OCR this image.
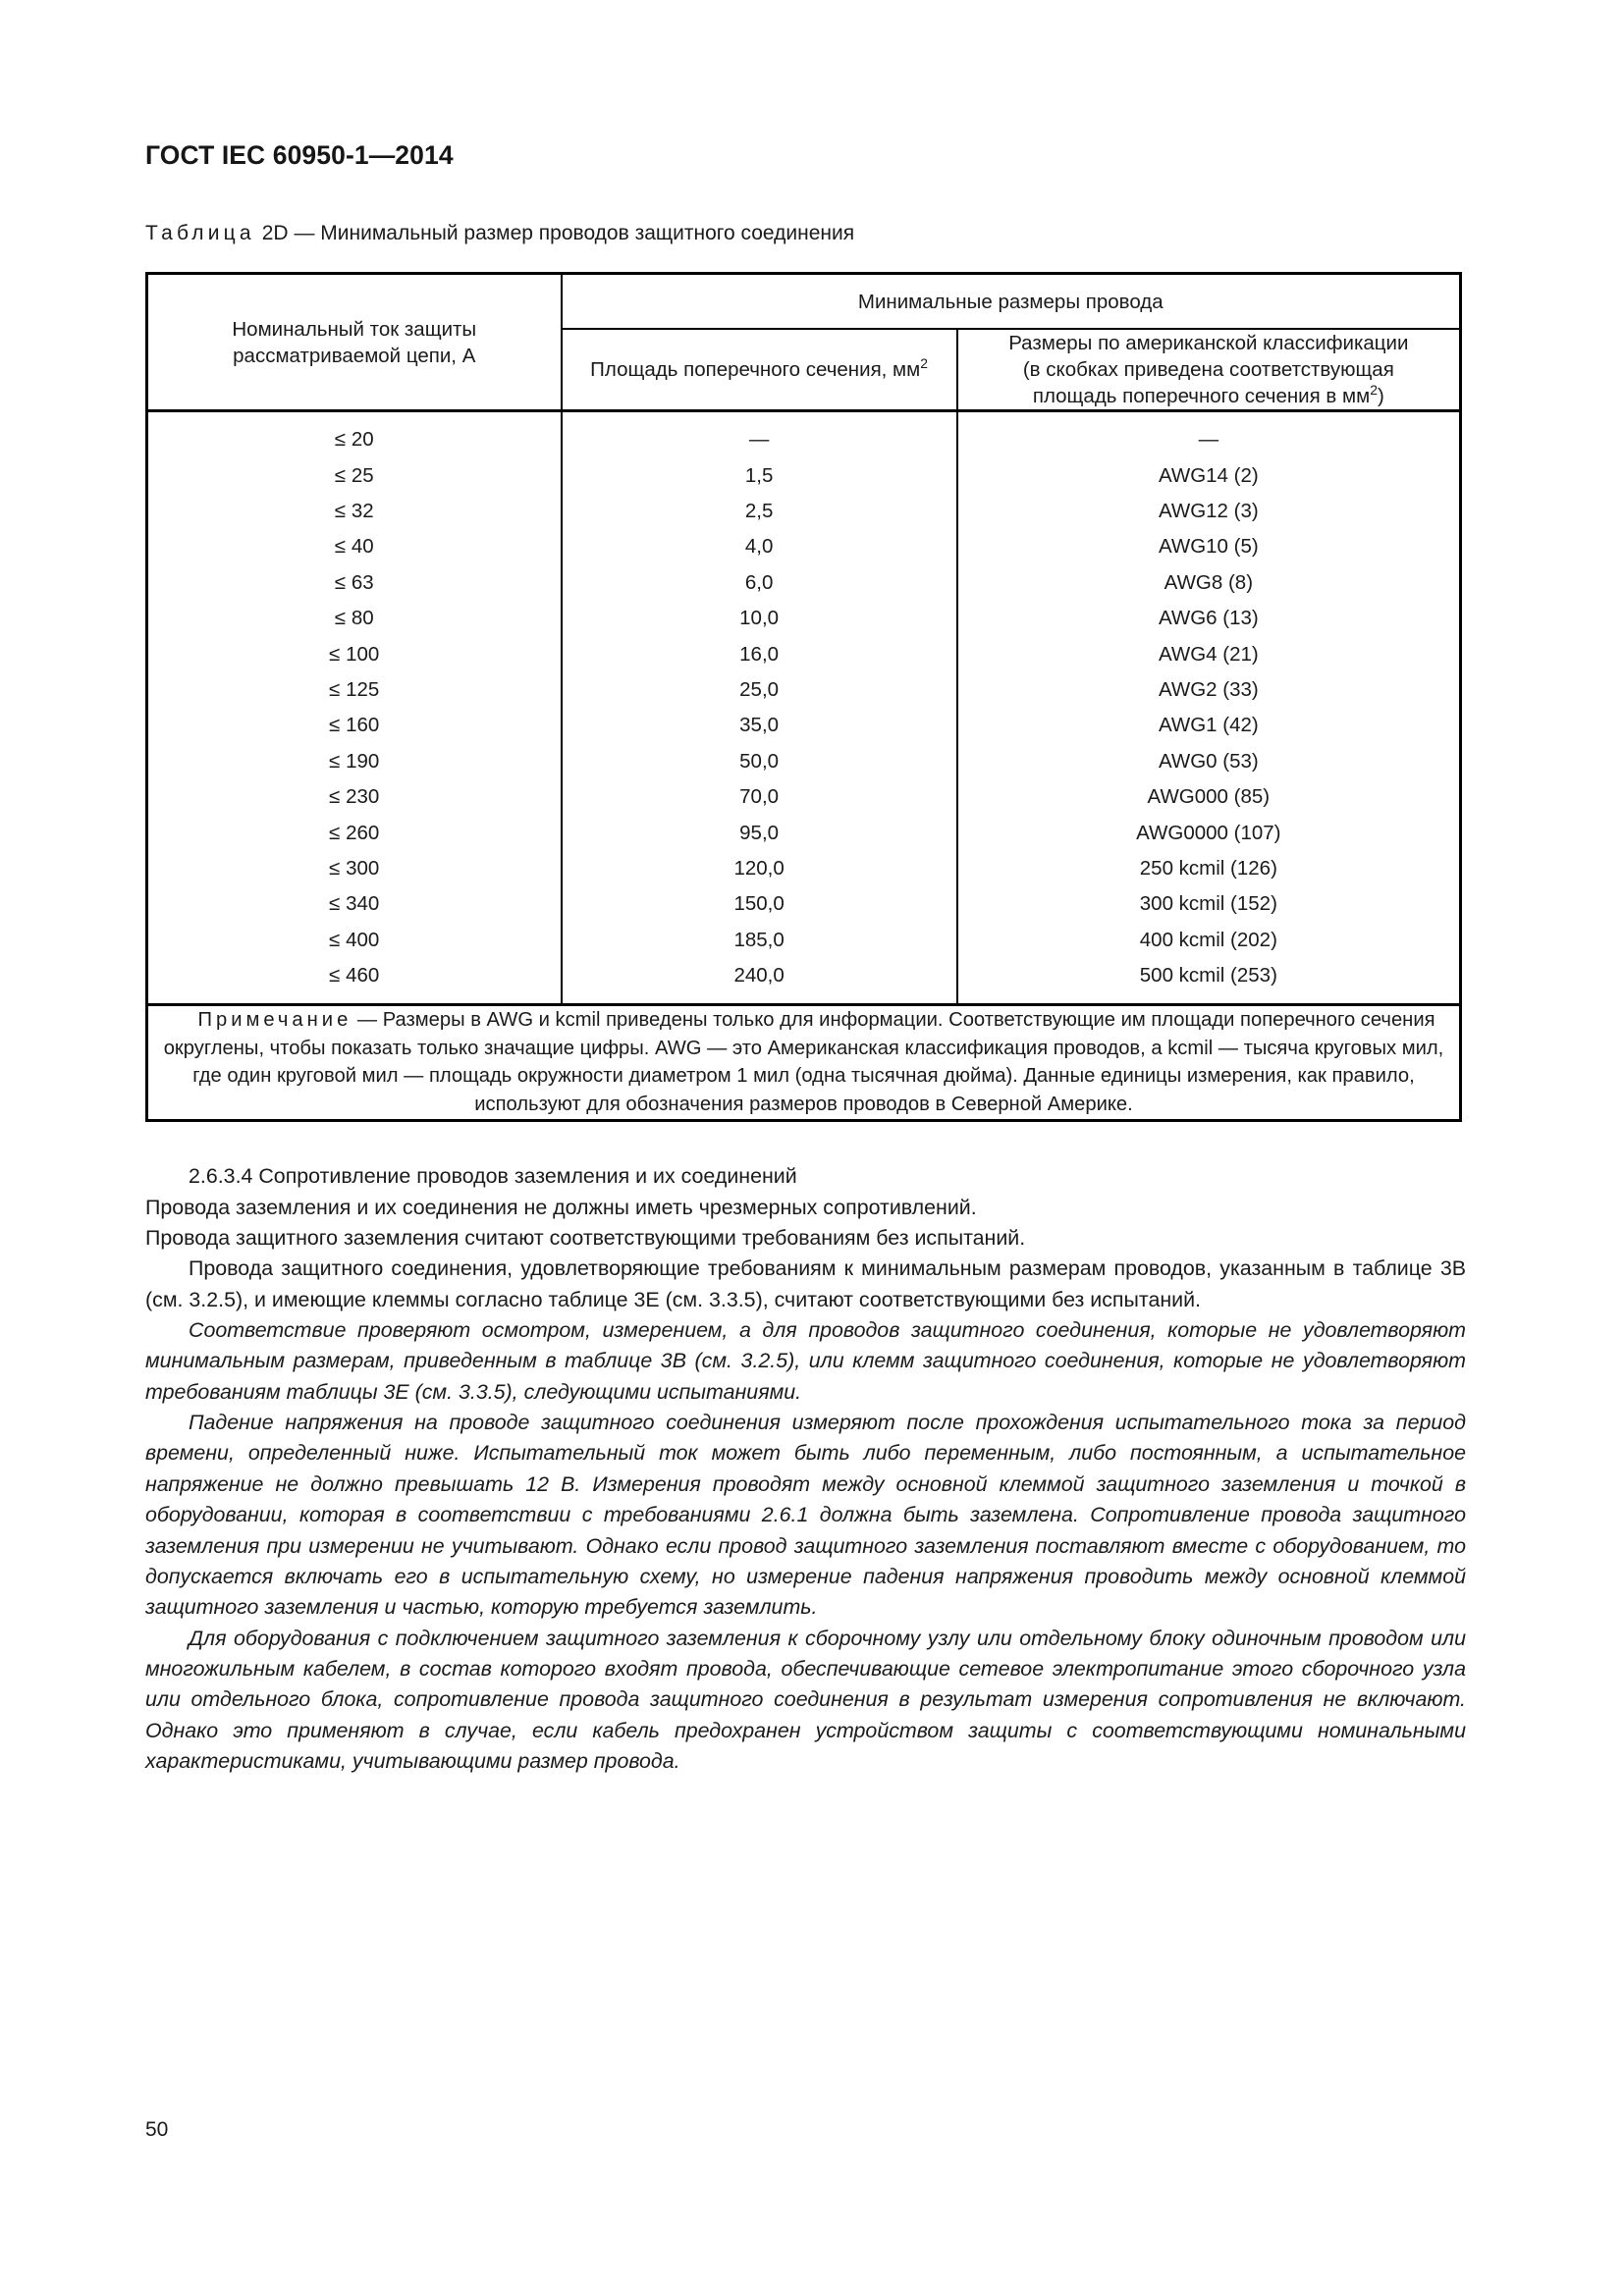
ГОСТ IEC 60950-1—2014
Таблица 2D — Минимальный размер проводов защитного соединения
Номинальный ток защиты
рассматриваемой цепи, А	Минимальные размеры провода	
	Площадь поперечного сечения, $мм^2$	Размеры по американской классификации
(в скобках приведена соответствующая
площадь поперечного сечения в $мм^2$)

≤ 20	—	—
≤ 25	1,5	AWG14 (2)
≤ 32	2,5	AWG12 (3)
≤ 40	4,0	AWG10 (5)
≤ 63	6,0	AWG8 (8)
≤ 80	10,0	AWG6 (13)
≤ 100	16,0	AWG4 (21)
≤ 125	25,0	AWG2 (33)
≤ 160	35,0	AWG1 (42)
≤ 190	50,0	AWG0 (53)
≤ 230	70,0	AWG000 (85)
≤ 260	95,0	AWG0000 (107)
≤ 300	120,0	250 kcmil (126)
≤ 340	150,0	300 kcmil (152)
≤ 400	185,0	400 kcmil (202)
≤ 460	240,0	500 kcmil (253)
Примечание — Размеры в AWG и kcmil приведены только для информации. Соответствующие им площади поперечного сечения округлены, чтобы показать только значащие цифры. AWG — это Американская классификация проводов, а kcmil — тысяча круговых мил, где один круговой мил — площадь окружности диаметром 1 мил (одна тысячная дюйма). Данные единицы измерения, как правило, используют для обозначения размеров проводов в Северной Америке.		

2.6.3.4 Сопротивление проводов заземления и их соединений

Провода заземления и их соединения не должны иметь чрезмерных сопротивлений.

Провода защитного заземления считают соответствующими требованиям без испытаний.

Провода защитного соединения, удовлетворяющие требованиям к минимальным размерам проводов, указанным в таблице 3В (см. 3.2.5), и имеющие клеммы согласно таблице 3Е (см. 3.3.5), считают соответствующими без испытаний.

Соответствие проверяют осмотром, измерением, а для проводов защитного соединения, которые не удовлетворяют минимальным размерам, приведенным в таблице 3В (см. 3.2.5), или клемм защитного соединения, которые не удовлетворяют требованиям таблицы 3Е (см. 3.3.5), следующими испытаниями.

Падение напряжения на проводе защитного соединения измеряют после прохождения испытательного тока за период времени, определенный ниже. Испытательный ток может быть либо переменным, либо постоянным, а испытательное напряжение не должно превышать 12 В. Измерения проводят между основной клеммой защитного заземления и точкой в оборудовании, которая в соответствии с требованиями 2.6.1 должна быть заземлена. Сопротивление провода защитного заземления при измерении не учитывают. Однако если провод защитного заземления поставляют вместе с оборудованием, то допускается включать его в испытательную схему, но измерение падения напряжения проводить между основной клеммой защитного заземления и частью, которую требуется заземлить.

Для оборудования с подключением защитного заземления к сборочному узлу или отдельному блоку одиночным проводом или многожильным кабелем, в состав которого входят провода, обеспечивающие сетевое электропитание этого сборочного узла или отдельного блока, сопротивление провода защитного соединения в результат измерения сопротивления не включают. Однако это применяют в случае, если кабель предохранен устройством защиты с соответствующими номинальными характеристиками, учитывающими размер провода.

50
